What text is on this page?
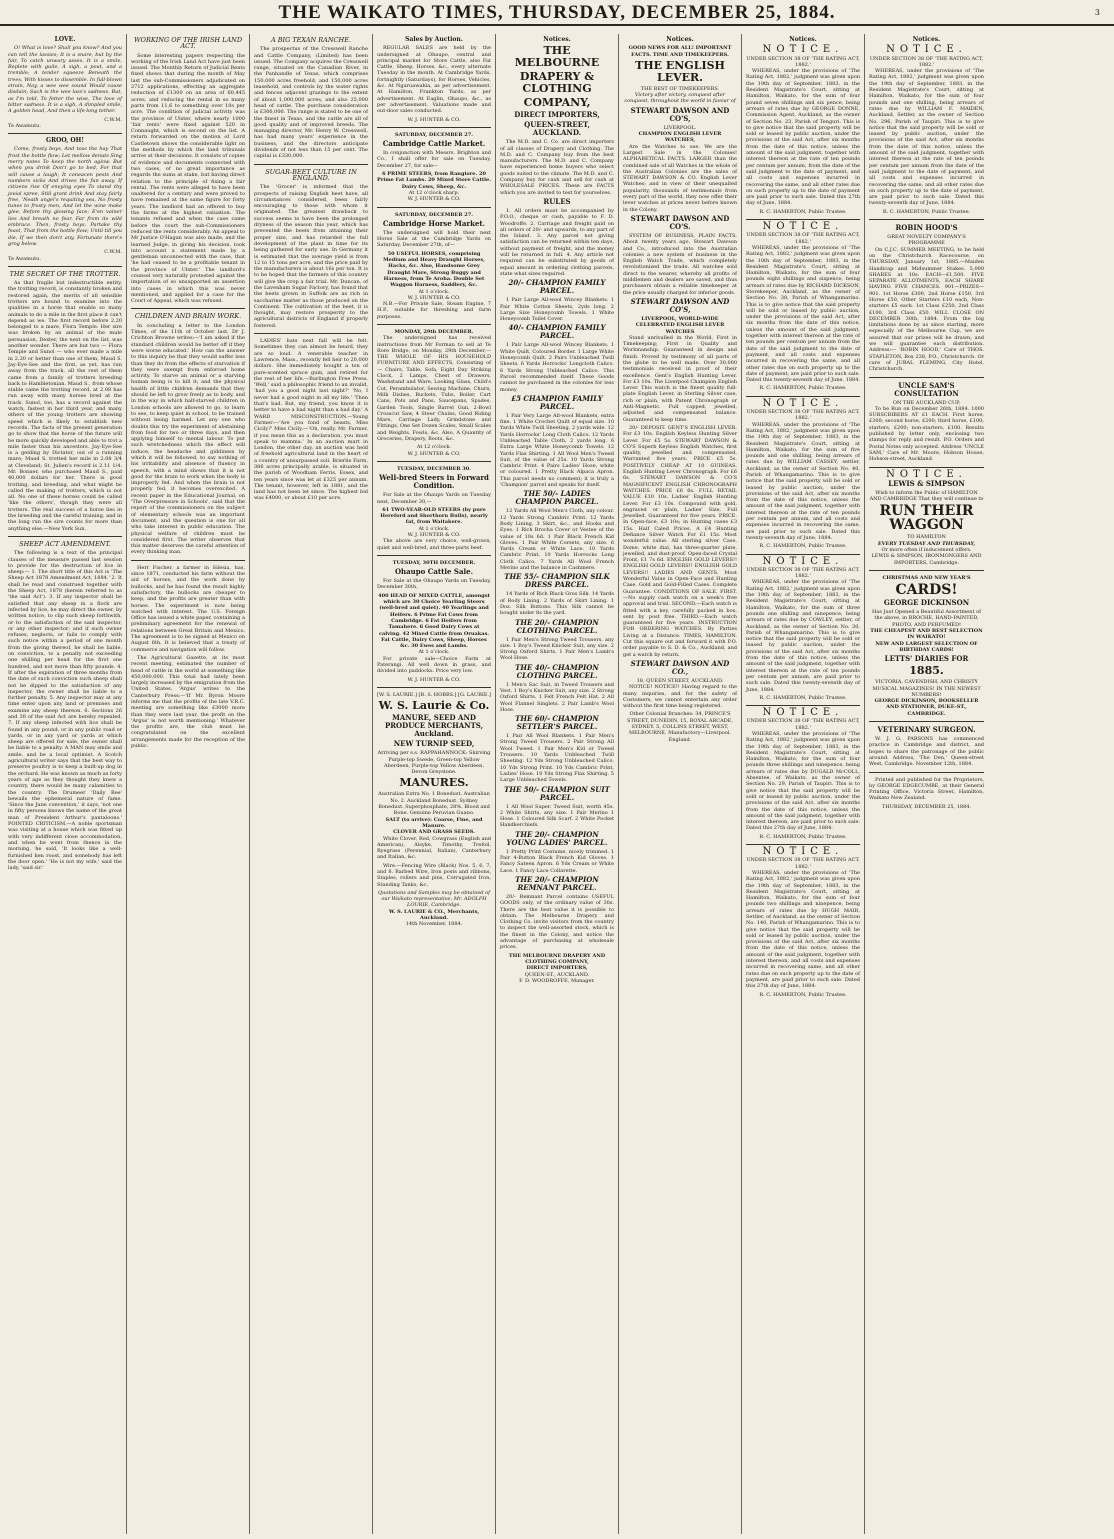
THE WAIKATO TIMES, THURSDAY, DECEMBER 25, 1884.	3
LOVE.
O! What is love? Shall you know? And you can tell the lassies; It is a snare, but by the fair, To catch unwary asses. It is a smile, Replete with guile, A sigh, a pout, and a tremble; A tender squeeze Beneath the trees, With kisses to dissemble. In full-blown strain, Nay, a wee wee sound Would cause disdain; Such is the wee lass's sadness. But, as I'm told, To fetter the wise, The love of bitter sadness. It is a sigh, A dimpled smile, A golden head, And then a life-long tether.
C.W.M.
Te Awamutu.
GROO, OH!
Come, frosty boys, And toss the hay That frost the bottle flow; Let mellow denuts Sing merry notes To keep the north aglow. But when you drink Don't go to bed, For that will cause a laugh; It coneacen pests And numbers sicks And drives the fun away. If citizens rise Of envying eyes To stand thy jovial spree, Still grant drink And stay fairly free, 'Neath angel's requiting sea, No frosty tunes to frosty men, And let the wine make glee, Before thy glowing face; E'en vainer lies And breath no fear, Far from its wild embrace. Then, frosty boys, Partake thy feast, That from the bottle flow; Until till you die, If we then don't any, Fortunate there's grog below.
C.W.M.
Te Awamutu.
THE SECRET OF THE TROTTER.
As that fragile but indestructible entity, the trotting record, is constantly broken and restored again, the merits of all sensible trotters are bound to examine into the qualities in a horse that enable so many animals to do a mile in the first place it can't depend as we. The first record before 2.20 belonged to a mare, Flora Temple. Her sire was broken by an animal of the mule persuasion, Dexter, the next on the list, was another wonder. There are but two — Flora Temple and Sunol — who ever made a mile in 2.20 or better than one of them, Maud S. Jay-Eye-See and the first, as yet, has run away from the track, all the rest of them came from a family of trotters breeding back to Hambletonian. Maud S., from whose stable came the trotting record, at 2.08 has run away with many horses bred at the track. Sunol, too, has a record against the watch, fastest in her third year, and many others of the young trotters are showing speed which is likely to establish new records. The facts of the present generation go to show that the horse of the future will be more quickly developed and able to trot a mile faster than his ancestors. Jay-Eye-See is a gelding by Dictator, out of a running mare; Maud S. trotted her mile in 2.08 3/4 at Cleveland; St. Julien's record is 2.11 1/4. Mr. Bonner, who purchased Maud S., paid 40,000 dollars for her. There is good trotting, and breeding, and what might be called the making of trotters, which is not all. No one of these horses could be called 'like the others', though they were all trotters. The real success of a horse lies in the breeding and the careful training, and in the long run the sire counts for more than anything else.—New York Sun.
SHEEP ACT AMENDMENT.
The following is a text of the principal clauses of the measure passed last session to provide for the destruction of lice in sheep:— 1. The short title of this Act is 'The Sheep Act 1878 Amendment Act, 1884.' 2. It shall be read and construed together with the Sheep Act, 1878 (herein referred to as 'the said Act'). 3. If any inspector shall be satisfied that any sheep in a flock are infected by lice, he may direct the owner, by written notice, to clip such sheep forthwith, or to the satisfaction of the said inspector, or any other inspector; and if such owner refuses, neglects, or fails to comply with such notice within a period of one month from the giving thereof, he shall be liable, on conviction, to a penalty not exceeding one shilling per head for the first one hundred, and not more than fifty pounds. 4. If after the expiration of three months from the date of such conviction such sheep shall not be dipped to the satisfaction of any inspector, the owner shall be liable to a further penalty. 5. Any inspector may at any time enter upon any land or premises and examine any sheep thereon. 6. Sections 26 and 30 of the said Act are hereby repealed. 7. If any sheep infected with lice shall be found in any pound, or in any public road or yards, or in any yard or yards at which sheep are offered for sale, the owner shall be liable to a penalty. A MAN may smile and smile, and be a local optimist. A Scotch agricultural writer says that the best way to preserve poultry is to keep a built-up dog in the orchard. He was known as much as forty years of age as they thought they knew a country, there would be many calamities to the country. The Drumeer 'Daily Bee' bewails the ephemeral nature of fame. 'Since the June convention,' it says, 'not one in fifty persons knows the name of the great man of President Arthur's pantaloons.' POINTED CRITICISM.—A noble sportsman was visiting at a house which was fitted up with very indifferent close accommodation, and when he went from thence in the morning, he said, 'It looks like a well-furnished hen roost, and somebody has left the door open.' 'He is not my wife,' said the lady, 'said sir.'
WORKING OF THE IRISH LAND ACT.
Some interesting papers respecting the working of the Irish Land Act have just been issued. The Monthly Return of Judicial Rents fixed shows that during the month of May last the sub-Commissioners adjudicated on 2712 applications, effecting an aggregate reduction of £1300 on an area of 60,445 acres, and reducing the rental in so many parts from 11,6 to something over 10s per acre. The condition of judicial activity was the province of Ulster, where nearly 1000 'fair rents' were fixed against 520 in Connaught, which is second on the list. A return forwarded on the motion of Lord Castletown shows the considerable light on the methods by which the land tribunals arrive at their decisions. It consists of copies of evidence and documents connected with two cases, of no great importance as regards the sums at stake, but having direct relation to the principle of fixing a fair rental. The rents were alleged to have been unaltered for a century and were proved to have remained at the same figure for forty years. The landlord had an offered to buy the farms at the highest valuation. The tenants refused and when the case came before the court the sub-Commissioners reduced the rents considerably. An appeal to Mr Justice O'Hagan was also made, and the learned Judge, in giving his decision, took into account a statement made by a gentleman unconnected with the case, that 'he had ceased to be a profitable tenant in the province of Ulster.' The landlord's counsel very naturally protested against the importation of so unsupported an assertion into cases in which this was never mentioned, and applied for a case for the Court of Appeal, which was refused.
CHILDREN AND BRAIN WORK.
In concluding a letter to the London Times, of the 11th of October last, Dr J. Crichton Browne writes:—'I am asked if the standard children would be better off if they were worse educated.' How can the answer to this inquiry be that they would suffer less than they do from the effects of starvation if they were exempt from enforced home activity. To starve an animal or a starving human being is to kill it; and the physical health of little children demands that they should be left to grow freely as to body, and in the way in which half-starved children in London schools are allowed to go, to learn to see, to keep quiet in school, to be trained without being harmed. Let any one who doubts this try the experiment of abstaining from food for two or three days, and then applying himself to mental labour. To put such wretchedness which the effect will induce, the headache and giddiness by which it will be followed, to say nothing of his irritability and absence of fluency in speech, with a mind shows that it is not good for the brain to work when the body is improperly fed. And when the brain is not properly fed, it becomes overexcited. A recent paper in the Educational Journal, on 'The Overpressure in Schools', said that the report of the commissioners on the subject of elementary schools was an important document, and the question is one for all who take interest in public education. The physical welfare of children must be considered first. The writer observes that this matter deserves the careful attention of every thinking man.
Herr Fischer, a farmer in Silesia, has, since 1871, conducted his farm without the aid of horses, and the work done by bullocks, and he has found the result highly satisfactory, the bullocks are cheaper to keep, and the profits are greater than with horses. The experiment is now being watched with interest. The U.S. Foreign Office has issued a white paper, containing a preliminary agreement for the renewal of relations between Great Britain and Mexico. The agreement is to be signed at Mexico on August 6th. It is believed that a treaty of commerce and navigation will follow.
The Agricultural Gazette, at its most recent meeting, estimated the number of head of cattle in the world at something like 450,000,000. This total had lately been largely increased by the emigration from the United States. 'Argus' writes to the Canterbury Press:—'If Mr. Byron Moore informs me that the profits of the late V.R.C. meeting are something like £3000 more than they were last year, the profit on the 'Argus' is not worth mentioning.' Whatever the profits are, the club must be congratulated on the excellent arrangements made for the reception of the public.
A BIG TEXAN RANCHE.
The prospectus of the Cresswell Ranche and Cattle Company, (Limited) has been issued. The Company acquires the Cresswell range, situated on the Canadian River, in the Panhandle of Texas, which comprises 150,000 acres freehold, and 150,000 acres leasehold, and controls by the water rights and fences adjacent grazings to the extent of about 1,000,000 acres, and also 25,000 head of cattle. The purchase consideration is £306,000. The range is stated to be one of the finest in Texas, and the cattle are all of good quality and of improved breeds. The managing director, Mr. Henry W. Cresswell, has had many years' experience in the business, and the directors anticipate dividends of not less than 15 per cent. The capital is £330,000.
SUGAR-BEET CULTURE IN ENGLAND.
The 'Grocer' is informed that the prospects of raising English beet have, all circumstances considered, been fairly encouraging to those with whom it originated. The greatest drawback to success seems to have been the prolonged dryness of the season this year, which has prevented the beets from attaining their proper size, and has retarded the full development of the plant in time for its being gathered for early use. In Germany it is estimated that the average yield is from 12 to 15 tons per acre, and the price paid by the manufacturers is about 16s per ton. It is to be hoped that the farmers of this country will give the crop a fair trial. Mr. Duncan, of the Lavenham Sugar Factory, has found that the beets grown in Suffolk are as rich in saccharine matter as those produced on the Continent. The cultivation of the beet, it is thought, may restore prosperity to the agricultural districts of England if properly fostered.
LADIES' hats next fall will be felt. Sometimes they can almost be heard, they are so loud. A venerable teacher in Lawrence, Mass., recently fell heir to 20,000 dollars. She immediately bought a ton of pure-scented spruce gum, and retired for the rest of her life.—Burlington Free Press. 'Well,' said a philosophic friend to an invalid, 'had you a good night last night?' 'No, I never had a good night in all my life.' 'Then that's bad. But, my friend, you know it is better to have a bad night than a bad day.' A WARD MISCONSTRUCTION.—Young Farmer:—'Are you fond of beasts, Miss Cicily?' Miss Cicily:—'Oh, really, Mr. Farmer, if you mean this as a declaration, you must speak to mamma.' In an auction mart in London, the other day, an auction was held of freehold agricultural land in the heart of a country of unsurpassed soil. Brierlie Farm, 386 acres principally arable, is situated in the parish of Woodham Ferris, Essex, and ten years since was let at £325 per annum. The tenant, however, left in 1881, and the land has not been let since. The highest bid was £4000, or about £10 per acre.
Sales by Auction.
REGULAR SALES are held by the undersigned at Ohaupo, central and principal market for Store Cattle, also Fat Cattle, Sheep, Horses, &c., every alternate Tuesday in the month. At Cambridge Yards, fortnightly (Saturdays), for Horses, Vehicles, &c. At Ngaruawahia, as per advertisement. At Hamilton, Frankton Yards, as per advertisement. At Eaglin, Ohaupo, &c., as per advertisement. Valuations made and out-door sales conducted.
W. J. HUNTER & CO.
SATURDAY, DECEMBER 27.
Cambridge Cattle Market.
In conjunction with Messrs. Brighton and Co., I shall offer for sale on Tuesday, December 27, for sale—
6 PRIME STEERS, from Rangiore. 20 Prime Fat Lambs. 20 Mixed Store Cattle. Dairy Cows, Sheep, &c.
At 12 o'clock sharp.
W. J. HUNTER & CO.
SATURDAY, DECEMBER 27.
Cambridge Horse Market.
The undersigned will hold their next Horse Sale at the Cambridge Yards on Saturday, December 27th, of—
50 USEFUL HORSES, comprising Medium and Heavy Draught Horses, Hacks, &c. Also, Handsome Grey Draught Mare, Strong Buggy and Harness, from Te Aroha. Double Set Waggon Harness, Saddlery, &c.
At 1 o'clock.
W. J. HUNTER & CO.
N.B.—For Private Sale, Steam Engine, 7 H.P., suitable for threshing and farm purposes.
MONDAY, 29th DECEMBER.
The undersigned has received instructions from Mr Forman to sell at Te Rore Bridge, on Monday, 29th December,— THE WHOLE OF HIS HOUSEHOLD FURNITURE AND EFFECTS, Consisting of— Chairs, Table, Sofa, Eight Day Striking Clock, 2 Lamps, Chest of Drawers, Washstand and Ware, Looking Glass, Child's Cot, Perambulator, Sewing Machine, Churn, Milk Dishes, Buckets, Tubs, Boiler, Cart Cans, Pots and Pans, Saucepans, Spades, Garden Tools, Single Barrel Gun, 2-Bowl Crosscut Saw, 4 Steer Chains, Good Riding Mare, Carriage Lady, Grindstone and Fittings, One Set Dozen Scales, Small Scales and Weights, Fowls, &c. Also, A Quantity of Groceries, Drapery, Boots, &c.
At 12 o'clock.
W. J. HUNTER & CO.
TUESDAY, DECEMBER 30.
Well-bred Steers in Forward Condition.
For Sale at the Ohaupo Yards on Tuesday next, December 30,—
61 TWO-YEAR-OLD STEERS (by pure Hereford and Shorthorn Bulls), nearly fat, from Waitakere.
At 1 o'clock.
W. J. HUNTER & CO.
The above are very choice, well-grown, quiet and well-bred, and three-parts beef.
TUESDAY, 30TH DECEMBER.
Ohaupo Cattle Sale.
For Sale at the Ohaupo Yards on Tuesday, December 30th,
400 HEAD OF MIXED CATTLE, amongst which are 30 Choice Yearling Steers (well-bred and quiet). 40 Yearlings and Heifers. 6 Prime Fat Cows from Cambridge. 6 Fat Heifers from Tamahere. 6 Good Dairy Cows at calving. 42 Mixed Cattle from Oruakas. Fat Cattle, Dairy Cows, Sheep, Horses &c. 30 Ewes and Lambs.
At 1 o'clock.
For private sale—Choice Farm at Paterangi. All well down in grass, and divided into paddocks. Price very low.
W. J. HUNTER & CO.
[W. S. LAURIE.] [R. S. HOBBS.] [G. LAURIE.]
W. S. Laurie & Co.
MANURE, SEED AND PRODUCE MERCHANTS, Auckland.
NEW TURNIP SEED,
Arriving per s.s. RAPPAHANNOCK: Skirving Purple-top Swede, Green-top Yellow Aberdeen, Purple-top Yellow Aberdeen, Devon Greystone.
MANURES.
Australian Extra No. 1 Bonedust. Australian No. 2. Auckland Bonedust. Sydney Bonedust. Superphosphate, 28%. Blood and Bone. Genuine Peruvian Guano.
SALT (to arrive): Coarse, Fine, and Manure.
CLOVER AND GRASS SEEDS.
White Clover, Red, Cowgrass (English and American), Alsyke, Timothy, Trefoil, Ryegrass (Perennial, Italian), Canterbury and Italian, &c.
Wire.—Fencing Wire (Black) Nos. 5, 6, 7, and 8. Barbed Wire, Iron posts and ribbons, Staples, rollers and pins, Corrugated Iron, Standing Tanks, &c.
Quotations and Samples may be obtained of our Waikato representative, Mr. ADOLPH LOURIE, Cambridge.
W. S. LAURIE & CO., Merchants, Auckland.
14th November, 1884.
Notices.
THE MELBOURNE
DRAPERY & CLOTHING
COMPANY,
DIRECT IMPORTERS,
QUEEN-STREET, AUCKLAND.
The M.D. and C. Co. are direct importers of all classes of Drapery and Clothing. The M.D. and C. Company buy from the best manufacturers. The M.D. and C. Company have experienced home buyers who select goods suited to the climate. The M.D. and C. Company buy for cash and sell for cash at WHOLESALE PRICES. These are FACTS which you are invited to test for yourselves.
RULES
1. All orders must be accompanied by P.O.O., cheque or cash, payable to F. D. Woodroffe. 2. Carriage and freight paid on all orders of 20/- and upwards, to any part of the Island. 3. Any parcel not giving satisfaction can be returned within ten days, without payment of freight, and the money will be returned in full. 4. Any article not required can be substituted by goods of equal amount in ordering clothing parcels, state what sizes required.
20/- CHAMPION FAMILY PARCEL.
1 Pair Large All-wool Wincey Blankets. 1 Pair White Cotton Sheets, 2yds long. 2 Large Size Honeycomb Towels. 1 White Honeycomb Toilet Cover.
40/- CHAMPION FAMILY PARCEL.
1 Pair Large All-wool Wincey Blankets. 1 White Quilt, Coloured Border. 1 Large White Honeycomb Quilt. 2 Pairs Unbleached Twill Sheets. 6 Yards Horrocks' Longcloth Calico. 6 Yards Strong Unbleached Calico. This Parcel recommended itself. These Goods cannot be purchased in the colonies for less money.
£5 CHAMPION FAMILY PARCEL.
1 Pair Very Large All-wool Blankets, extra fine. 1 White Crochet Quilt of equal size. 10 Yards White Twill Sheeting, 2 yards wide. 12 Yards Horrocks' Long Cloth Calico. 12 Yards Unbleached Table Cloth, 2 yards long. 6 Extra Large White Honeycomb Towels. 12 Yards Flax Shirting. 1 All Wool Men's Tweed Suit, of the value of 25s. 10 Yards Strong Cambric Print. 4 Pairs Ladies' Hose, white or coloured. 1 Pretty Black Alpaca Apron. This parcel needs no comment; it is truly a 'Champion' parcel and speaks for itself.
THE 50/- LADIES CHAMPION PARCEL.
12 Yards All Wool Men's Cloth, any colour. 12 Yards Strong Cambric Print. 12 Yards Body Lining, 3 Skirt, &c., and Hooks and Eyes. 1 Rich Brocha Cover or Vestee of the value of 10s 6d. 1 Pair Black French Kid Gloves. 1 Pair White Corsets, any size. 6 Yards Cream or White Lace. 10 Yards Cambric Print. 10 Yards Horrocks Long Cloth Calico. 7 Yards All Wool French Merino and the balance in Cashmere.
THE 55/- CHAMPION SILK DRESS PARCEL.
14 Yards of Rich Black Gros Silk. 14 Yards of Body Lining. 2 Yards of Skirt Lining. 1 Doz. Silk Buttons. This Silk cannot be bought under 8s the yard.
THE 20/- CHAMPION CLOTHING PARCEL.
1 Pair Men's Strong Tweed Trousers, any size. 1 Boy's Tweed Knicker Suit, any size. 2 Strong Oxford Shirts. 1 Pair Men's Lamb's Wool Hose.
THE 40/- CHAMPION CLOTHING PARCEL.
1 Men's Sac Suit, in Tweed Trousers and Vest. 1 Boy's Knicker Suit, any size. 2 Strong Oxford Shirts. 1 Felt French Felt Hat. 2 All Wool Flannel Singlets. 2 Pair Lamb's Wool Hose.
THE 60/- CHAMPION SETTLER'S PARCEL.
1 Pair All Wool Blankets. 1 Pair Men's Strong Tweed Trousers. 2 Pair Strong All Wool Tweed. 1 Pair Men's Kid or Tweed Trousers. 10 Yards Unbleached Twill Sheeting. 12 Yds Strong Unbleached Calico. 10 Yds Strong Print. 10 Yds Cambric Print, Ladies' Hose. 10 Yds Strong Flax Shirting. 5 Large Unbleached Towels.
THE 50/- CHAMPION SUIT PARCEL.
1 All Wool Super. Tweed Suit, worth 45s. 2 White Shirts, any size. 1 Pair Merino 1 Hose. 1 Coloured Silk Scarf. 2 White Pocket Handkerchiefs.
THE 20/- CHAMPION YOUNG LADIES' PARCEL.
1 Pretty Print Costume, nicely trimmed. 1 Pair 4-Button Black French Kid Gloves. 1 Fancy Sateen Apron. 6 Yds Cream or White Lace. 1 Fancy Lace Collarette.
THE 20/- CHAMPION REMNANT PARCEL.
20/- Remnant Parcel contains USEFUL GOODS only, of the ordinary value of 30s. There are the best value it is possible to obtain. The Melbourne Drapery and Clothing Co. invite visitors from the country to inspect the well-assorted stock, which is the finest in the Colony, and notice the advantage of purchasing at wholesale prices.
THE MELBOURNE DRAPERY AND CLOTHING COMPANY,
DIRECT IMPORTERS,
QUEEN-ST., AUCKLAND.
F. D. WOODROFFE, Manager.
Notices.
GOOD NEWS FOR ALL! IMPORTANT FACTS. TIME AND TIMEKEEPERS.
THE ENGLISH LEVER.
THE BEST OF TIMEKEEPERS.
Victory after victory, conquest after conquest, throughout the world in favour of
STEWART DAWSON AND CO'S,
LIVERPOOL.
CHAMPION ENGLISH LEVER WATCHES,
Are the Watches to use. We are the Largest Sale in the Colonies! ALPHABETICAL FACTS. LARGER than the combined sale of all Watches in the whole of the Australian Colonies are the sales of STEWART DAWSON & CO. English Lever Watches; and in view of their unequalled popularity, thousands of testimonials from every part of the world, they now offer their lever watches at prices never before known in the Colony.
STEWART DAWSON AND CO'S.
SYSTEM OF BUSINESS, PLAIN FACTS. About twenty years ago, Stewart Dawson and Co., introduced into the Australian colonies a new system of business in the English Watch Trade, which completely revolutionized the trade. All watches sold direct to the wearer, whereby all profits of middlemen and dealers are saved, and thus purchasers obtain a reliable timekeeper at the price usually charged for inferior goods.
STEWART DAWSON AND CO'S,
LIVERPOOL, WORLD-WIDE CELEBRATED ENGLISH LEVER WATCHES
Stand unrivalled in the World, First in Timekeeping; First in Quality and Workmanship. Guaranteed in design and finish. Proved by testimony of all parts of the globe to be well made. Over 30,000 testimonials received in proof of their excellence. Gent's English Hunting Lever. For £3 10s. The Liverpool Champion English Lever. This watch is the finest quality full-plate English Lever, in Sterling Silver case, rich or plain, with Patent Chronograph or Anti-Magnetic. Full capped, jewelled, adjusted and compensated balance. Guaranteed to keep time.
20/- DEPOSIT. GENT'S ENGLISH LEVER. For £3 10s. English Keyless Hunting Silver Lever. For £5 5s. STEWART DAWSON & CO'S Superb Keyless English Watches, first quality, jewelled and compensated. Warranted five years. PRICE £5 5s. POSITIVELY CHEAP AT 10 GUINEAS. English Hunting Lever Chronograph. For £6 6s. STEWART DAWSON & CO'S MAGNIFICENT ENGLISH CHRONOGRAPH WATCHES. PRICE £6 6s. FULL RETAIL VALUE £10 10s. Ladies' English Hunting Lever. For £3 10s. Compound with gold, engraved or plain, Ladies' Size, Full Jewelled. Guaranteed for five years. PRICE. In Open-face, £3 10s; in Hunting cases £3 15s. Half Caled Prices. A £4 Hunting Defiance Silver Watch For £1 15s. Most wonderful value. All sterling silver Case, Dome, white dial, has three-quarter plate, jewelled, and dust-proof. Open-faced Crystal Front, £1 7s 6d. ENGLISH GOLD LEVERS!! ENGLISH GOLD LEVERS!! ENGLISH GOLD LEVERS!! LADIES AND GENTS. Most Wonderful Value in Open-Face and Hunting Case. Gold and Gold-Filled Cases. Complete Guarantee. CONDITIONS OF SALE. FIRST.—No supply cash watch on a week's free approval and trial. SECOND.—Each watch is fitted with a key, carefully packed in box, sent by post free. THIRD.—Each watch guaranteed for five years. INSTRUCTION FOR ORDERING WATCHES. By Parties Living at a Distance. TIMES, HAMILTON. Cut this square out and forward it with P.O. order payable to S. D. & Co., Auckland, and get a watch by return.
STEWART DAWSON AND CO.,
18, QUEEN STREET, AUCKLAND.
NOTICE! NOTICE!! Having regard to the many inquiries, and for the safety of Customers, we cannot entertain any order without the first time being registered.
Other Colonial Branches: 34, PRINCE'S STREET, DUNEDIN. 15, ROYAL ARCADE, SYDNEY. 5, COLLINS STREET, WEST, MELBOURNE. Manufactory—Liverpool, England.
Notices.
NOTICE.
UNDER SECTION 38 OF 'THE RATING ACT, 1882.'
WHEREAS, under the provisions of 'The Rating Act, 1882,' judgment was given upon the 19th day of September, 1883, in the Resident Magistrate's Court, sitting at Hamilton, Waikato, for the sum of four pound seven shillings and six pence, being arrears of rates due by GEORGE DONNE, Commission Agent, Auckland, as the owner of Section No. 23, Parish of Tenguri. This is to give notice that the said property will be sold or leased by public auction, under the provisions of the said Act, after six months from the date of this notice, unless the amount of the said judgment, together with interest thereon at the rate of ten pounds per centum per annum, from the date of the said judgment to the date of payment, and all costs and expenses incurred in recovering the same, and all other rates due on such property up to the date of payment are paid prior to such sale. Dated this 27th day of June, 1884.
R. C. HAMERTON, Public Trustee.
NOTICE.
UNDER SECTION 38 OF 'THE RATING ACT, 1882.'
WHEREAS, under the provisions of 'The Rating Act, 1882,' judgment was given upon the 10th day of September, 1883, in the Resident Magistrate's Court, sitting at Hamilton, Waikato, for the sum of four pounds eight shillings and sixpence, being arrears of rates due by RICHARD DICKSON, Storekeeper, Auckland, as the owner of Section No. 38, Parish of Whangamarino. This is to give notice that the said property will be sold or leased by public auction, under the provisions of the said Act, after six months from the date of this notice, unless the amount of the said judgment, together with interest thereon at the rate of ten pounds per centum per annum from the date of the said judgment to the date of payment, and all costs and expenses incurred in recovering the same, and all other rates due on such property up to the date of payment, are paid prior to such sale. Dated this twenty-seventh day of June, 1884.
R. C. HAMERTON, Public Trustee.
NOTICE.
UNDER SECTION 38 OF 'THE RATING ACT, 1882.'
WHEREAS, under the provisions of 'The Rating Act, 1882,' judgment was given upon the 19th day of September, 1883, in the Resident Magistrate's Court, sitting at Hamilton, Waikato, for the sum of five pounds and one shilling, being arrears of rates due by WILLIAM CASSEY, settler, Auckland, as the owner of Section No. 40, Parish of Whangamarino. This is to give notice that the said property will be sold or leased by public auction, under the provisions of the said Act, after six months from the date of this notice, unless the amount of the said judgment, together with interest thereon at the rate of ten pounds per centum per annum, and all costs and expenses incurred in recovering the same, are paid prior to such sale. Dated this twenty-seventh day of June, 1884.
R. C. HAMERTON, Public Trustee.
NOTICE.
UNDER SECTION 38 OF 'THE RATING ACT, 1882.'
WHEREAS, under the provisions of 'The Rating Act, 1882,' judgment was given upon the 19th day of September, 1883, in the Resident Magistrate's Court, sitting at Hamilton, Waikato, for the sum of three pounds one shilling and ninepence, being arrears of rates due by COWLEY, settler, of Auckland, as the owner of Section No. 30, Parish of Whangamarino. This is to give notice that the said property will be sold or leased by public auction, under the provisions of the said Act, after six months from the date of this notice, unless the amount of the said judgment, together with interest thereon at the rate of ten pounds per centum per annum, are paid prior to such sale. Dated this twenty-seventh day of June, 1884.
R. C. HAMERTON, Public Trustee.
NOTICE.
UNDER SECTION 38 OF 'THE RATING ACT, 1882.'
WHEREAS, under the provisions of 'The Rating Act, 1882,' judgment was given upon the 19th day of September, 1883, in the Resident Magistrate's Court, sitting at Hamilton, Waikato, for the sum of four pounds three shillings and ninepence, being arrears of rates due by DUGALD McCOLL, Absentee, of Waikato, as the owner of Section No. 29, Parish of Taupiri. This is to give notice that the said property will be sold or leased by public auction, under the provisions of the said Act, after six months from the date of this notice, unless the amount of the said judgment, together with interest thereon, are paid prior to such sale. Dated this 27th day of June, 1884.
R. C. HAMERTON, Public Trustee.
NOTICE.
UNDER SECTION 38 OF 'THE RATING ACT, 1882.'
WHEREAS, under the provisions of 'The Rating Act, 1882,' judgment was given upon the 19th day of September, 1883, in the Resident Magistrate's Court, sitting at Hamilton, Waikato, for the sum of four pounds two shillings and ninepence, being arrears of rates due by HUGH MAIR, Settler, of Auckland, as the owner of Section No. 140, Parish of Whangamarino. This is to give notice that the said property will be sold or leased by public auction, under the provisions of the said Act, after six months from the date of this notice, unless the amount of the said judgment, together with interest thereon, and all costs and expenses incurred in recovering same, and all other rates due on such property up to the date of payment, are paid prior to such sale. Dated this 27th day of June, 1884.
R. C. HAMERTON, Public Trustee.
Notices.
NOTICE.
UNDER SECTION 38 OF 'THE RATING ACT, 1882.'
WHEREAS, under the provisions of 'The Rating Act, 1882,' judgment was given upon the 19th day of September, 1883, in the Resident Magistrate's Court, sitting at Hamilton, Waikato, for the sum of four pounds and one shilling, being arrears of rates due by WILLIAM F. MAIDEN, Auckland, Settler, as the owner of Section No. 296, Parish of Taupiri. This is to give notice that the said property will be sold or leased by public auction, under the provisions of the said Act, after six months from the date of this notice, unless the amount of the said judgment, together with interest thereon at the rate of ten pounds per centum per annum from the date of the said judgment to the date of payment, and all costs and expenses incurred in recovering the same, and all other rates due on such property up to the date of payment, are paid prior to such sale. Dated this twenty-seventh day of June, 1884.
R. C. HAMERTON, Public Trustee.
ROBIN HOOD'S
GREAT NOVELTY COMPANY'S PROGRAMME
On C.J.C. SUMMER MEETING, to be held on the Christchurch Racecourse, on THURSDAY, January 1st, 1885.—Maiden Handicap and Midsummer Stakes. 5,000 SHARES at 10s. EACH—£1,500. FIVE SEPARATE ALLOTMENTS, EACH SHARE HAVING FIVE CHANCES. 901—PRIZES—901. 1st Horse £300, 2nd Horse £150, 3rd Horse £50, Other Starters £10 each, Non-starters £5 each. 1st Class £250, 2nd Class £100, 3rd Class £50. WILL CLOSE ON DECEMBER 30th, 1884. From the big limitations done by us since starting, more especially of the Melbourne Cup, we are assured that our prizes will be drawn; and we will guarantee each distribution. Address:— 'ROBIN HOOD,' Care of THOS. STAPLETON, Box 238, P.O., Christchurch. Or care of JUBAL FLEMING, City Hotel, Christchurch.
UNCLE SAM'S CONSULTATION
ON THE AUCKLAND CUP,
To be Run on December 26th, 1884. 1000 SUBSCRIBERS AT £1 EACH. First horse, £300; second horse, £200; third horse, £100; starters, £200; non-starters, £100. Results published by letter only, enclosing two stamps for reply and result. P.O. Orders and Postal Notes only accepted. Address 'UNCLE SAM,' Care of Mr. Moore, Hobson House, Hobson-street, Auckland.
NOTICE.
LEWIS & SIMPSON
Wish to inform the Public of HAMILTON AND CAMBRIDGE That they will continue to
RUN THEIR WAGGON
TO HAMILTON
EVERY TUESDAY AND THURSDAY,
Or more often if inducement offers.
LEWIS & SIMPSON, IRONMONGERS AND IMPORTERS, Cambridge.
CHRISTMAS AND NEW YEAR'S
CARDS!
GEORGE DICKINSON
Has Just Opened a Beautiful Assortment of the above, in BROCHE, HAND-PAINTED, PHOTO, AND PERFUMED!
THE CHEAPEST AND BEST SELECTION IN WAIKATO!
NEW AND LARGEST SELECTION OF BIRTHDAY CARDS!
LETTS' DIARIES FOR
1885.
VICTORIA, CAVENDISH, AND CHRISTY MUSICAL MAGAZINES! IN THE NEWEST NUMBERS!
GEORGE DICKINSON, BOOKSELLER AND STATIONER, DUKE-ST., CAMBRIDGE.
VETERINARY SURGEON.
W. J. G. PARSONS has commenced practice in Cambridge and district, and hopes to share the patronage of the public around. Address, 'The Den,' Queen-street West, Cambridge. November 12th, 1884.
Printed and published for the Proprietors, by GEORGE EDGECUMBE, at their General Printing Office, Victoria Street, Hamilton, Waikato New Zealand.
THURSDAY, DECEMBER 25, 1884.
